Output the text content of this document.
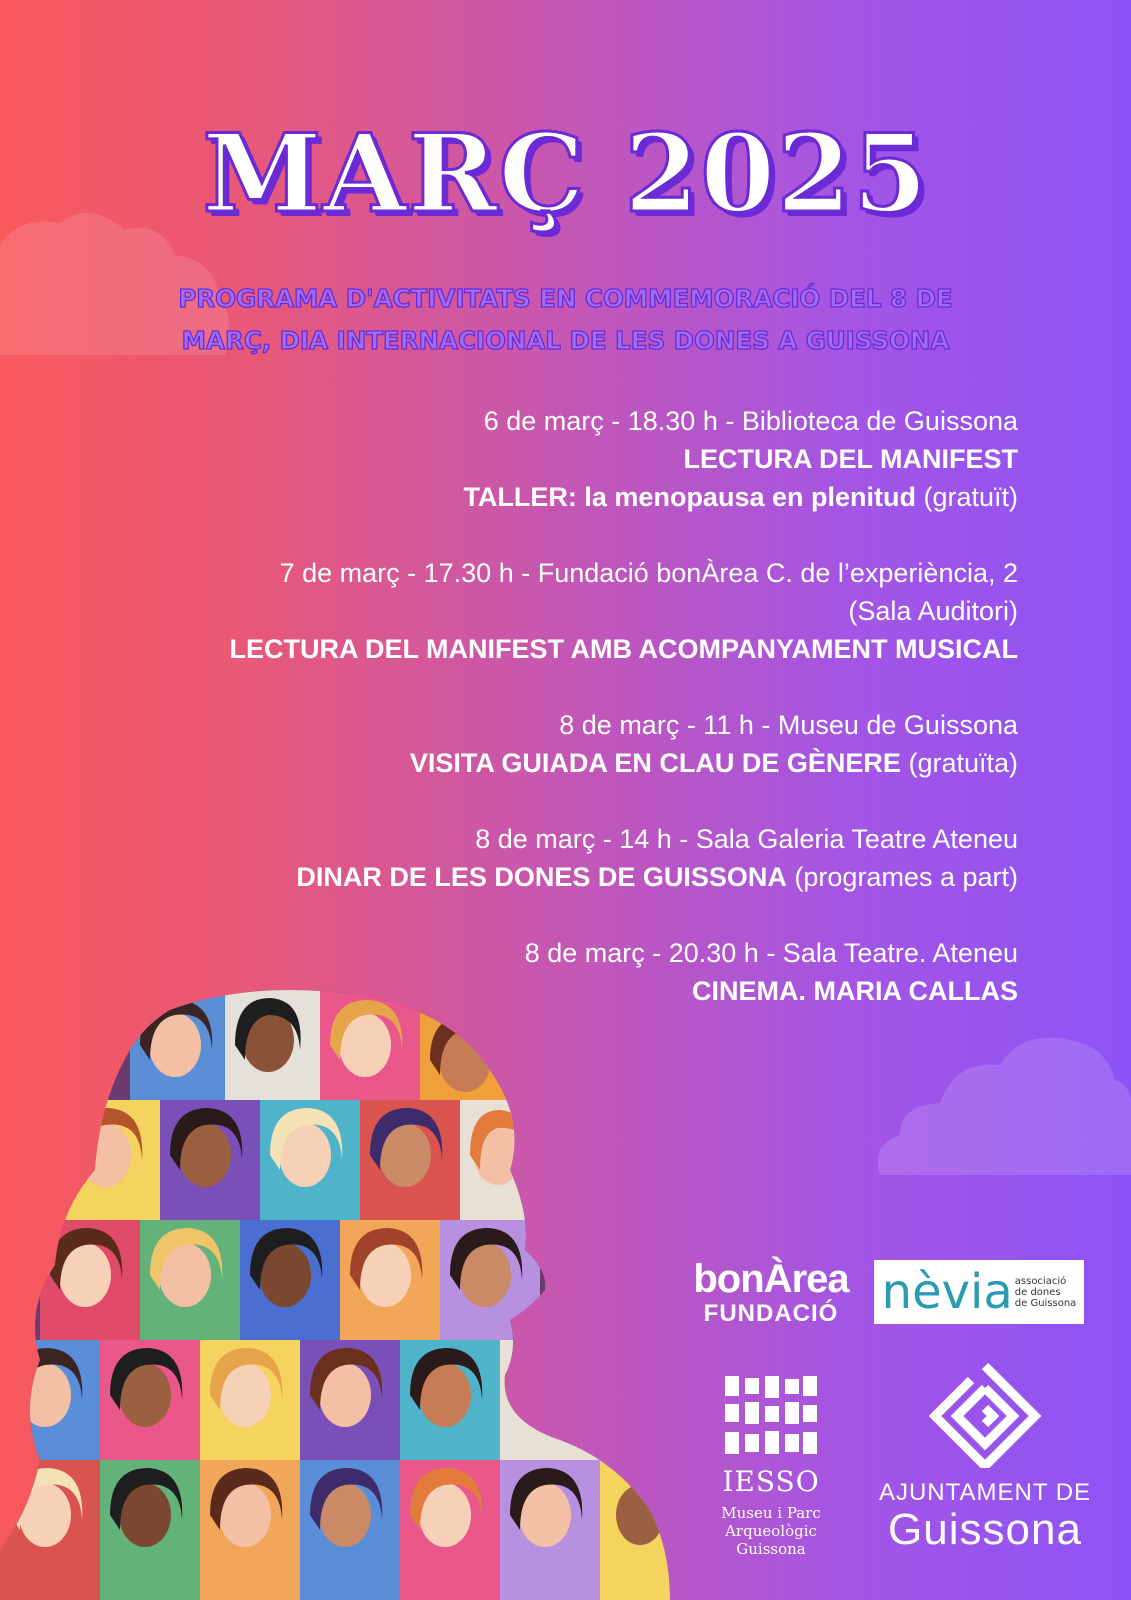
MARÇ 2025
PROGRAMA D'ACTIVITATS EN COMMEMORACIÓ DEL 8 DE
MARÇ, DIA INTERNACIONAL DE LES DONES A GUISSONA
6 de març - 18.30 h - Biblioteca de Guissona
LECTURA DEL MANIFEST
TALLER: la menopausa en plenitud (gratuït)
7 de març - 17.30 h - Fundació bonÀrea C. de l’experiència, 2
(Sala Auditori)
LECTURA DEL MANIFEST AMB ACOMPANYAMENT MUSICAL
8 de març - 11 h - Museu de Guissona
VISITA GUIADA EN CLAU DE GÈNERE (gratuïta)
8 de març - 14 h - Sala Galeria Teatre Ateneu
DINAR DE LES DONES DE GUISSONA (programes a part)
8 de març - 20.30 h - Sala Teatre. Ateneu
CINEMA. MARIA CALLAS
bonÀrea
FUNDACIÓ nèvia associació
de dones
de Guissona
IESSO
Museu i Parc
Arqueològic
Guissona
AJUNTAMENT DE
Guissona
